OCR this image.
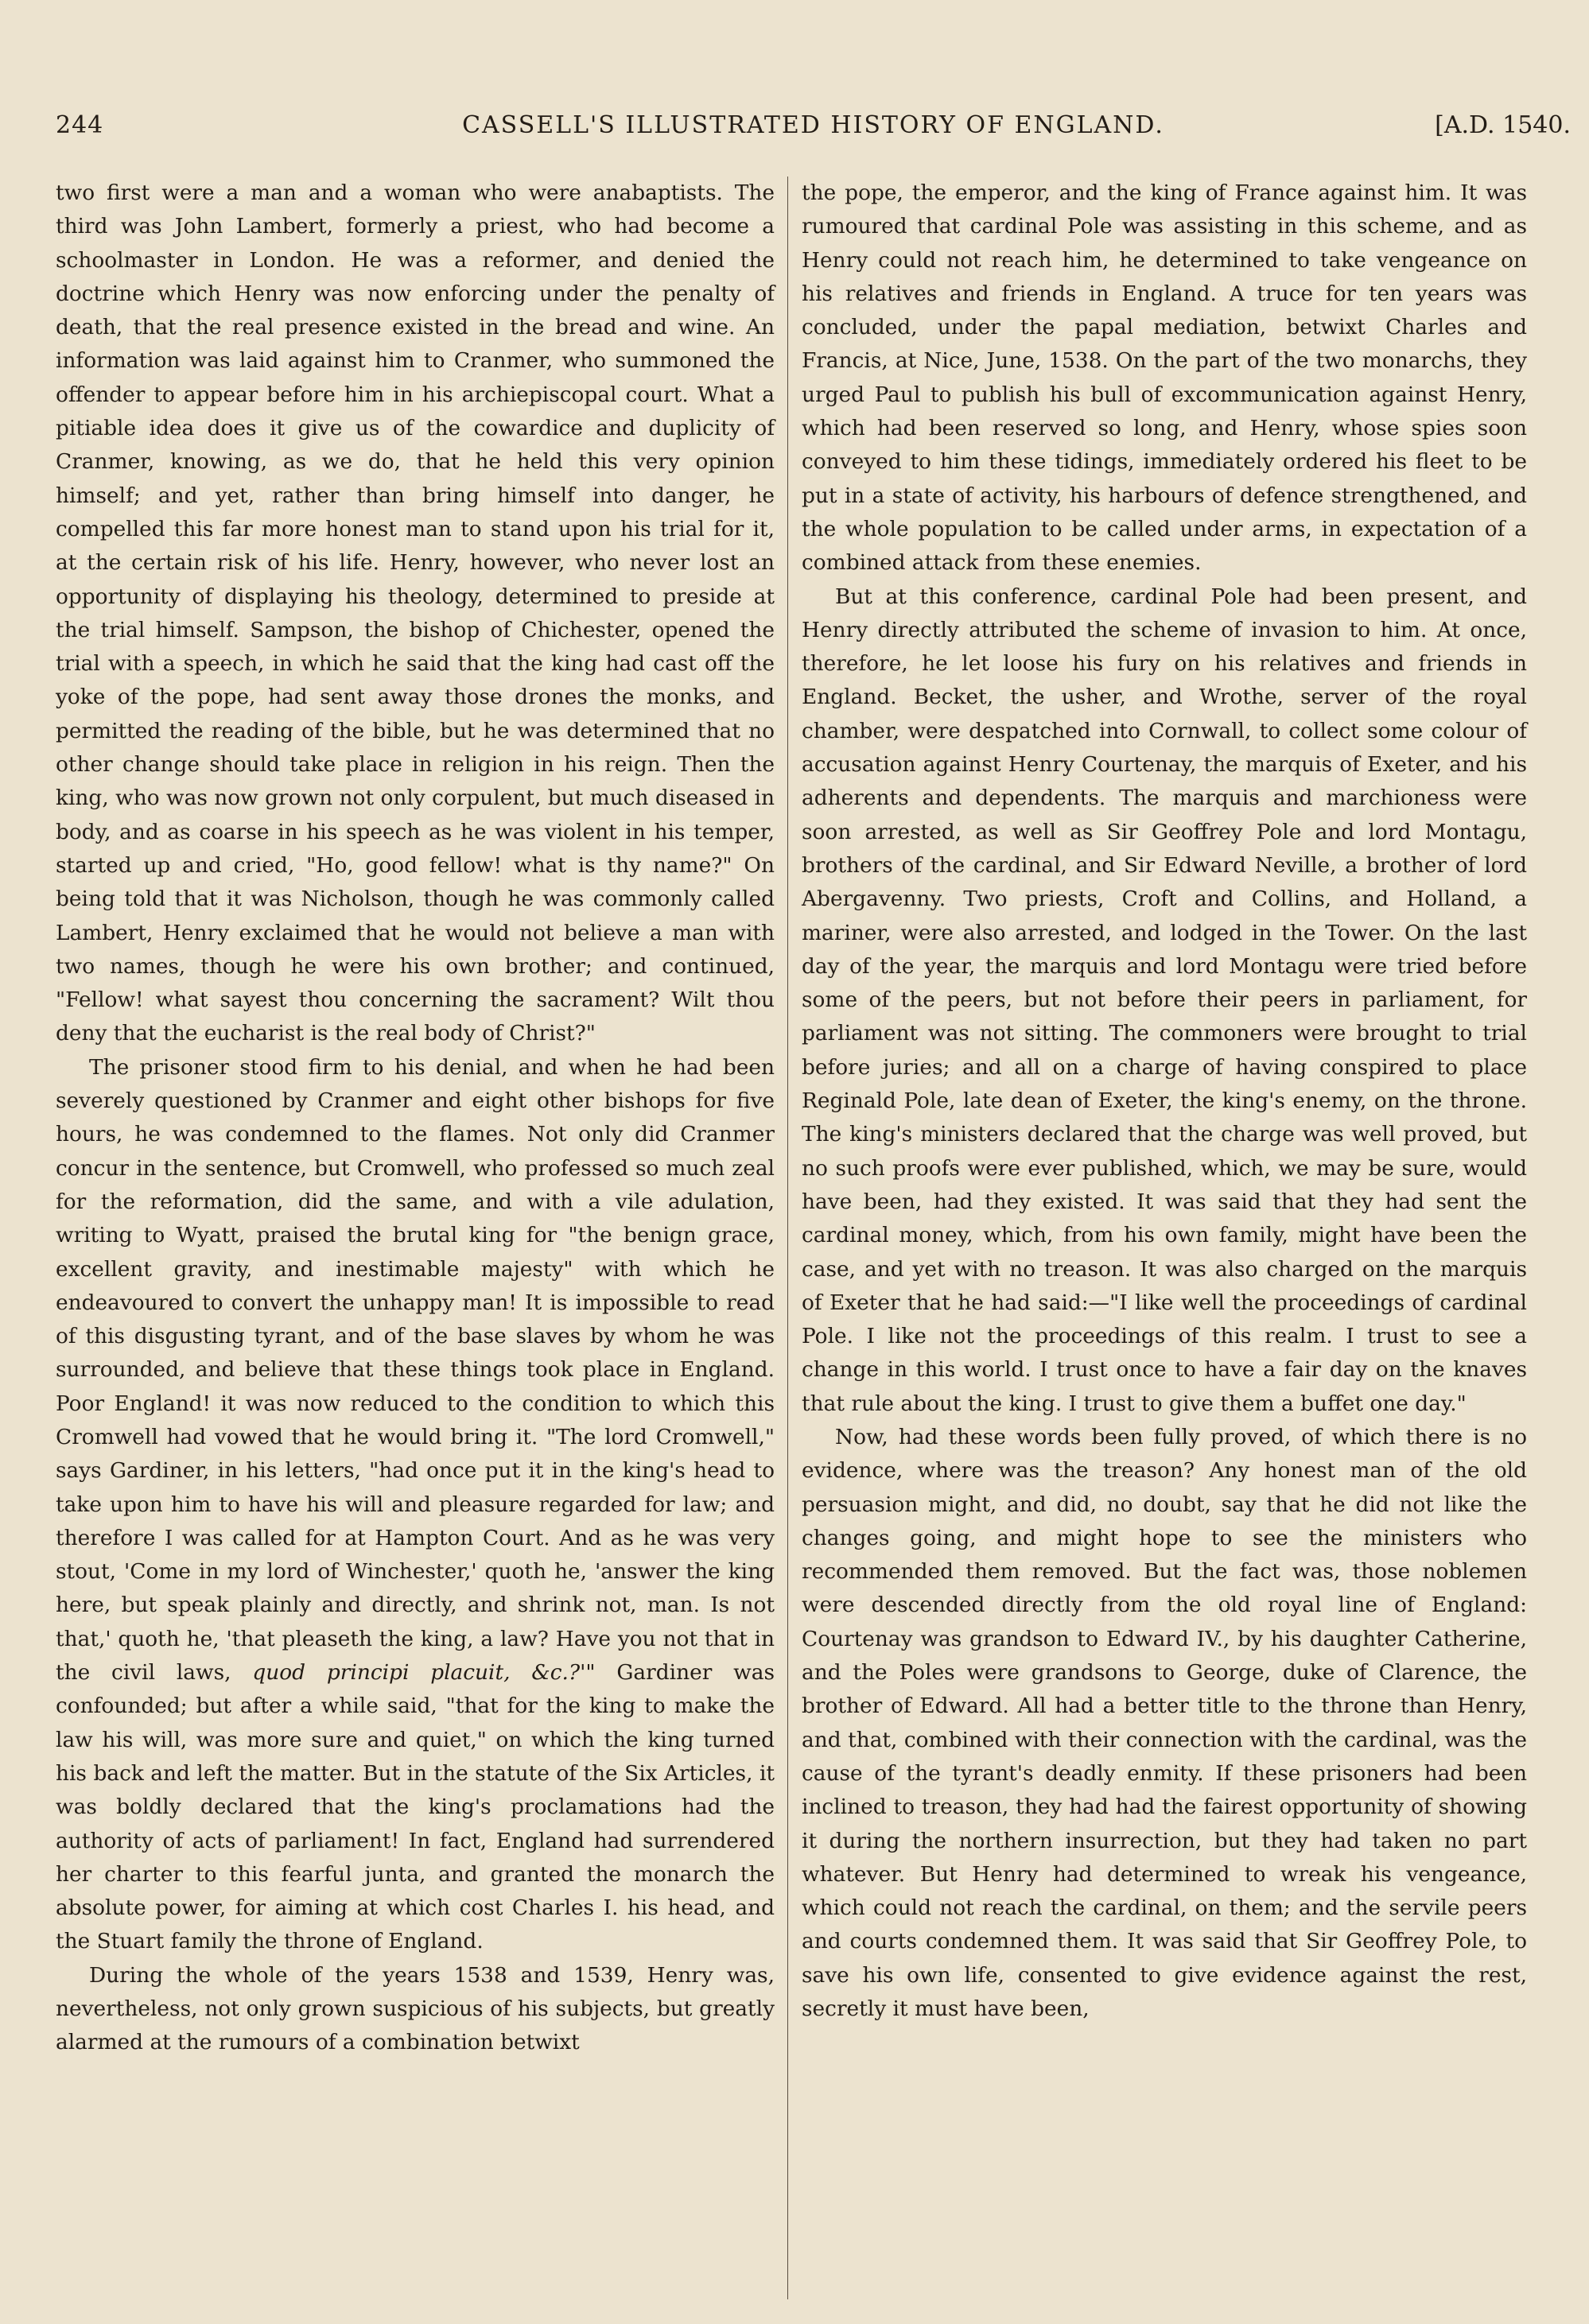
244	CASSELL'S ILLUSTRATED HISTORY OF ENGLAND.	[A.D. 1540.

two first were a man and a woman who were anabaptists. The third was John Lambert, formerly a priest, who had become a schoolmaster in London. He was a reformer, and denied the doctrine which Henry was now enforcing under the penalty of death, that the real presence existed in the bread and wine. An information was laid against him to Cranmer, who summoned the offender to appear before him in his archiepiscopal court. What a pitiable idea does it give us of the cowardice and duplicity of Cranmer, knowing, as we do, that he held this very opinion himself; and yet, rather than bring himself into danger, he compelled this far more honest man to stand upon his trial for it, at the certain risk of his life. Henry, however, who never lost an opportunity of displaying his theology, determined to preside at the trial himself. Sampson, the bishop of Chichester, opened the trial with a speech, in which he said that the king had cast off the yoke of the pope, had sent away those drones the monks, and permitted the reading of the bible, but he was determined that no other change should take place in religion in his reign. Then the king, who was now grown not only corpulent, but much diseased in body, and as coarse in his speech as he was violent in his temper, started up and cried, "Ho, good fellow! what is thy name?" On being told that it was Nicholson, though he was commonly called Lambert, Henry exclaimed that he would not believe a man with two names, though he were his own brother; and continued, "Fellow! what sayest thou concerning the sacrament? Wilt thou deny that the eucharist is the real body of Christ?"

The prisoner stood firm to his denial, and when he had been severely questioned by Cranmer and eight other bishops for five hours, he was condemned to the flames. Not only did Cranmer concur in the sentence, but Cromwell, who professed so much zeal for the reformation, did the same, and with a vile adulation, writing to Wyatt, praised the brutal king for "the benign grace, excellent gravity, and inestimable majesty" with which he endeavoured to convert the unhappy man! It is impossible to read of this disgusting tyrant, and of the base slaves by whom he was surrounded, and believe that these things took place in England. Poor England! it was now reduced to the condition to which this Cromwell had vowed that he would bring it. "The lord Cromwell," says Gardiner, in his letters, "had once put it in the king's head to take upon him to have his will and pleasure regarded for law; and therefore I was called for at Hampton Court. And as he was very stout, 'Come in my lord of Winchester,' quoth he, 'answer the king here, but speak plainly and directly, and shrink not, man. Is not that,' quoth he, 'that pleaseth the king, a law? Have you not that in the civil laws, quod principi placuit, &c.?'" Gardiner was confounded; but after a while said, "that for the king to make the law his will, was more sure and quiet," on which the king turned his back and left the matter. But in the statute of the Six Articles, it was boldly declared that the king's proclamations had the authority of acts of parliament! In fact, England had surrendered her charter to this fearful junta, and granted the monarch the absolute power, for aiming at which cost Charles I. his head, and the Stuart family the throne of England.

During the whole of the years 1538 and 1539, Henry was, nevertheless, not only grown suspicious of his subjects, but greatly alarmed at the rumours of a combination betwixt

the pope, the emperor, and the king of France against him. It was rumoured that cardinal Pole was assisting in this scheme, and as Henry could not reach him, he determined to take vengeance on his relatives and friends in England. A truce for ten years was concluded, under the papal mediation, betwixt Charles and Francis, at Nice, June, 1538. On the part of the two monarchs, they urged Paul to publish his bull of excommunication against Henry, which had been reserved so long, and Henry, whose spies soon conveyed to him these tidings, immediately ordered his fleet to be put in a state of activity, his harbours of defence strengthened, and the whole population to be called under arms, in expectation of a combined attack from these enemies.

But at this conference, cardinal Pole had been present, and Henry directly attributed the scheme of invasion to him. At once, therefore, he let loose his fury on his relatives and friends in England. Becket, the usher, and Wrothe, server of the royal chamber, were despatched into Cornwall, to collect some colour of accusation against Henry Courtenay, the marquis of Exeter, and his adherents and dependents. The marquis and marchioness were soon arrested, as well as Sir Geoffrey Pole and lord Montagu, brothers of the cardinal, and Sir Edward Neville, a brother of lord Abergavenny. Two priests, Croft and Collins, and Holland, a mariner, were also arrested, and lodged in the Tower. On the last day of the year, the marquis and lord Montagu were tried before some of the peers, but not before their peers in parliament, for parliament was not sitting. The commoners were brought to trial before juries; and all on a charge of having conspired to place Reginald Pole, late dean of Exeter, the king's enemy, on the throne. The king's ministers declared that the charge was well proved, but no such proofs were ever published, which, we may be sure, would have been, had they existed. It was said that they had sent the cardinal money, which, from his own family, might have been the case, and yet with no treason. It was also charged on the marquis of Exeter that he had said:—"I like well the proceedings of cardinal Pole. I like not the proceedings of this realm. I trust to see a change in this world. I trust once to have a fair day on the knaves that rule about the king. I trust to give them a buffet one day."

Now, had these words been fully proved, of which there is no evidence, where was the treason? Any honest man of the old persuasion might, and did, no doubt, say that he did not like the changes going, and might hope to see the ministers who recommended them removed. But the fact was, those noblemen were descended directly from the old royal line of England: Courtenay was grandson to Edward IV., by his daughter Catherine, and the Poles were grandsons to George, duke of Clarence, the brother of Edward. All had a better title to the throne than Henry, and that, combined with their connection with the cardinal, was the cause of the tyrant's deadly enmity. If these prisoners had been inclined to treason, they had had the fairest opportunity of showing it during the northern insurrection, but they had taken no part whatever. But Henry had determined to wreak his vengeance, which could not reach the cardinal, on them; and the servile peers and courts condemned them. It was said that Sir Geoffrey Pole, to save his own life, consented to give evidence against the rest, secretly it must have been,
